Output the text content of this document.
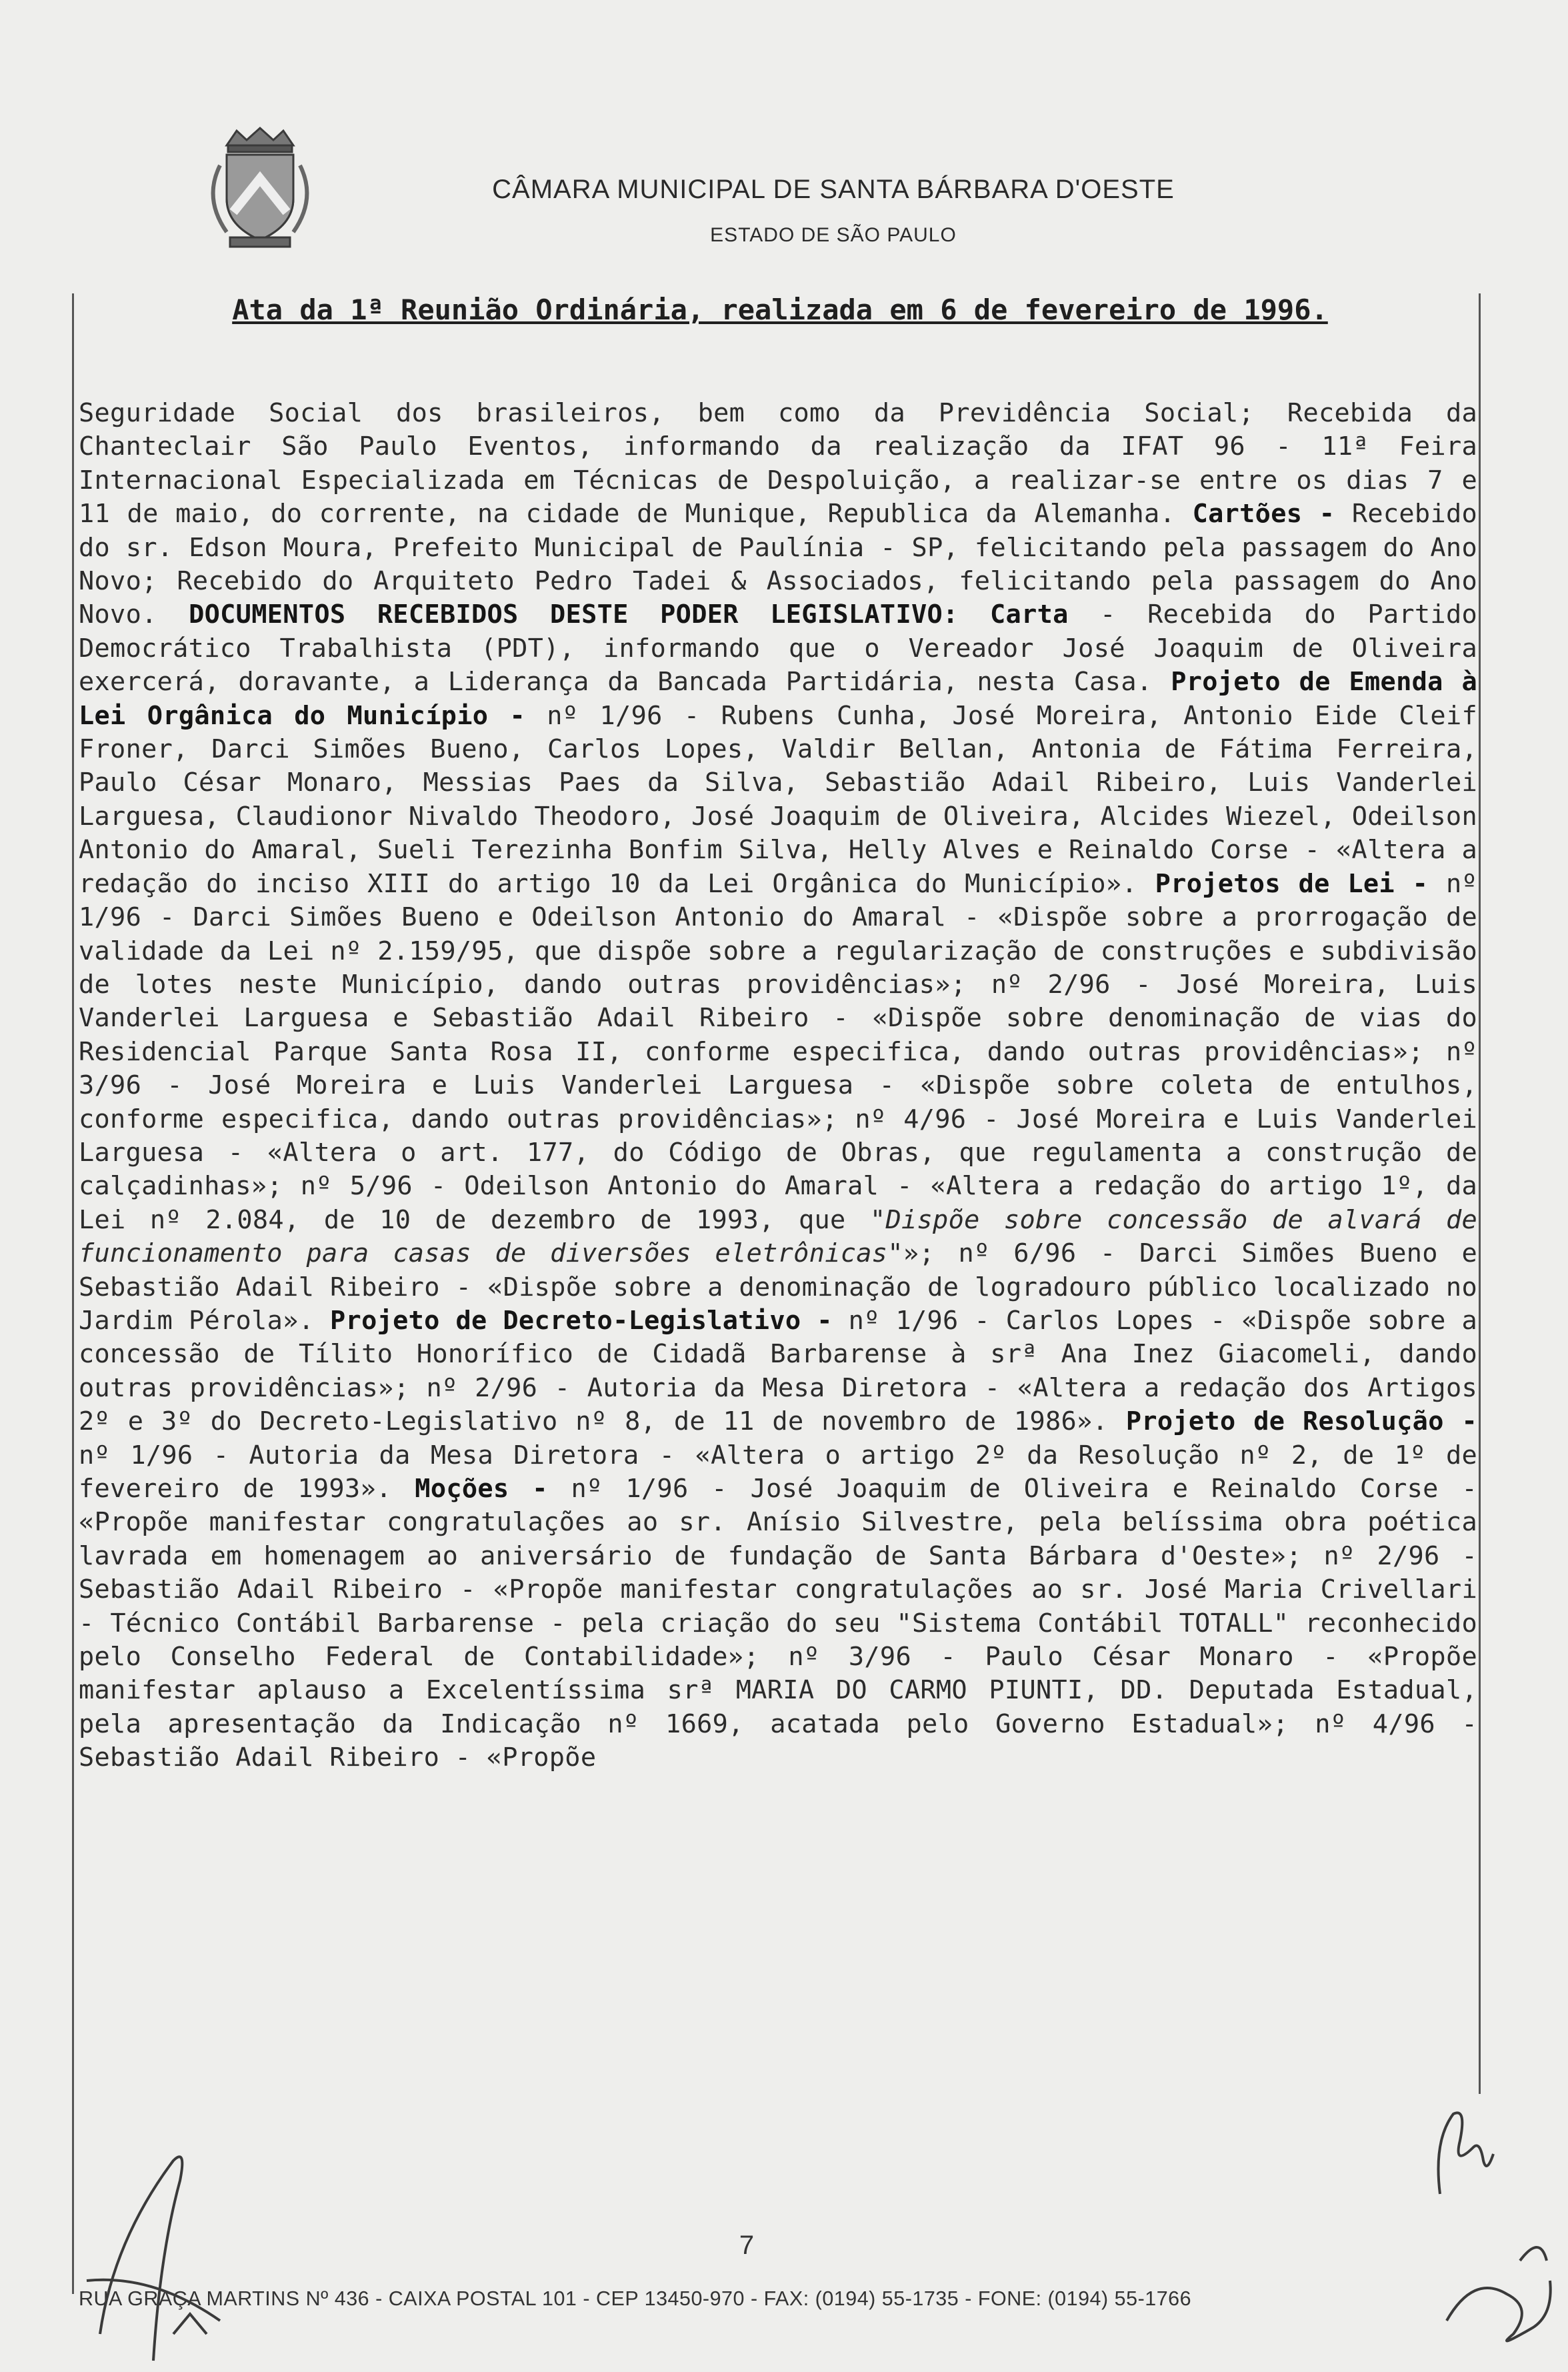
CÂMARA MUNICIPAL DE SANTA BÁRBARA D'OESTE
ESTADO DE SÃO PAULO
Ata da 1ª Reunião Ordinária, realizada em 6 de fevereiro de 1996.
Seguridade Social dos brasileiros, bem como da Previdência Social; Recebida da Chanteclair São Paulo Eventos, informando da realização da IFAT 96 - 11ª Feira Internacional Especializada em Técnicas de Despoluição, a realizar-se entre os dias 7 e 11 de maio, do corrente, na cidade de Munique, Republica da Alemanha. Cartões - Recebido do sr. Edson Moura, Prefeito Municipal de Paulínia - SP, felicitando pela passagem do Ano Novo; Recebido do Arquiteto Pedro Tadei & Associados, felicitando pela passagem do Ano Novo. DOCUMENTOS RECEBIDOS DESTE PODER LEGISLATIVO: Carta - Recebida do Partido Democrático Trabalhista (PDT), informando que o Vereador José Joaquim de Oliveira exercerá, doravante, a Liderança da Bancada Partidária, nesta Casa. Projeto de Emenda à Lei Orgânica do Município - nº 1/96 - Rubens Cunha, José Moreira, Antonio Eide Cleif Froner, Darci Simões Bueno, Carlos Lopes, Valdir Bellan, Antonia de Fátima Ferreira, Paulo César Monaro, Messias Paes da Silva, Sebastião Adail Ribeiro, Luis Vanderlei Larguesa, Claudionor Nivaldo Theodoro, José Joaquim de Oliveira, Alcides Wiezel, Odeilson Antonio do Amaral, Sueli Terezinha Bonfim Silva, Helly Alves e Reinaldo Corse - «Altera a redação do inciso XIII do artigo 10 da Lei Orgânica do Município». Projetos de Lei - nº 1/96 - Darci Simões Bueno e Odeilson Antonio do Amaral - «Dispõe sobre a prorrogação de validade da Lei nº 2.159/95, que dispõe sobre a regularização de construções e subdivisão de lotes neste Município, dando outras providências»; nº 2/96 - José Moreira, Luis Vanderlei Larguesa e Sebastião Adail Ribeiro - «Dispõe sobre denominação de vias do Residencial Parque Santa Rosa II, conforme especifica, dando outras providências»; nº 3/96 - José Moreira e Luis Vanderlei Larguesa - «Dispõe sobre coleta de entulhos, conforme especifica, dando outras providências»; nº 4/96 - José Moreira e Luis Vanderlei Larguesa - «Altera o art. 177, do Código de Obras, que regulamenta a construção de calçadinhas»; nº 5/96 - Odeilson Antonio do Amaral - «Altera a redação do artigo 1º, da Lei nº 2.084, de 10 de dezembro de 1993, que "Dispõe sobre concessão de alvará de funcionamento para casas de diversões eletrônicas"»; nº 6/96 - Darci Simões Bueno e Sebastião Adail Ribeiro - «Dispõe sobre a denominação de logradouro público localizado no Jardim Pérola». Projeto de Decreto-Legislativo - nº 1/96 - Carlos Lopes - «Dispõe sobre a concessão de Tílito Honorífico de Cidadã Barbarense à srª Ana Inez Giacomeli, dando outras providências»; nº 2/96 - Autoria da Mesa Diretora - «Altera a redação dos Artigos 2º e 3º do Decreto-Legislativo nº 8, de 11 de novembro de 1986». Projeto de Resolução - nº 1/96 - Autoria da Mesa Diretora - «Altera o artigo 2º da Resolução nº 2, de 1º de fevereiro de 1993». Moções - nº 1/96 - José Joaquim de Oliveira e Reinaldo Corse - «Propõe manifestar congratulações ao sr. Anísio Silvestre, pela belíssima obra poética lavrada em homenagem ao aniversário de fundação de Santa Bárbara d'Oeste»; nº 2/96 - Sebastião Adail Ribeiro - «Propõe manifestar congratulações ao sr. José Maria Crivellari - Técnico Contábil Barbarense - pela criação do seu "Sistema Contábil TOTALL" reconhecido pelo Conselho Federal de Contabilidade»; nº 3/96 - Paulo César Monaro - «Propõe manifestar aplauso a Excelentíssima srª MARIA DO CARMO PIUNTI, DD. Deputada Estadual, pela apresentação da Indicação nº 1669, acatada pelo Governo Estadual»; nº 4/96 - Sebastião Adail Ribeiro - «Propõe
7
RUA GRAÇA MARTINS Nº 436 - CAIXA POSTAL 101 - CEP 13450-970 - FAX: (0194) 55-1735 - FONE: (0194) 55-1766
